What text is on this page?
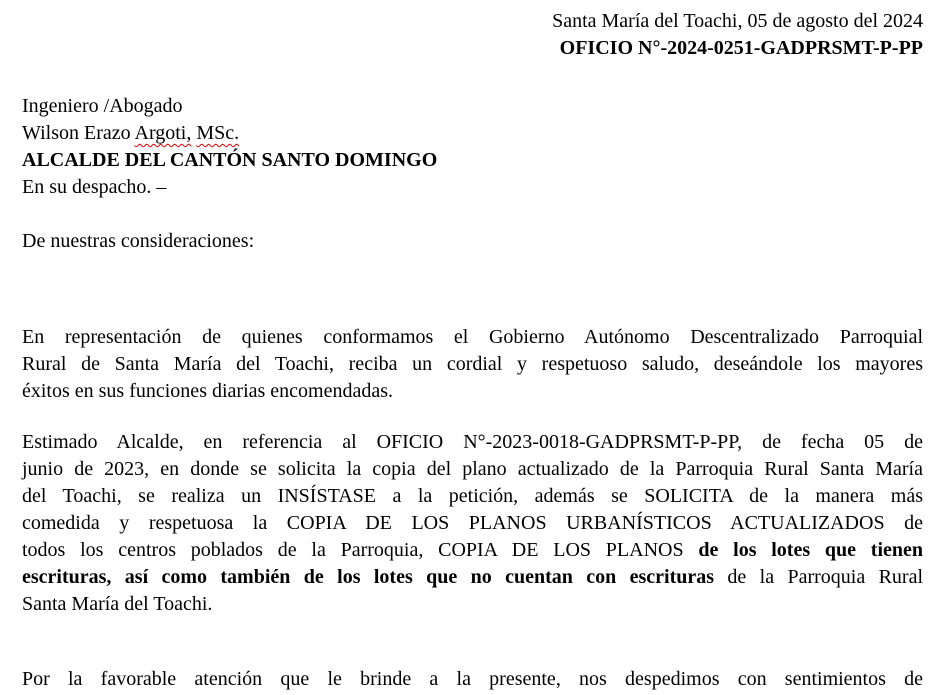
Santa María del Toachi, 05 de agosto del 2024
OFICIO N°-2024-0251-GADPRSMT-P-PP
Ingeniero /Abogado
Wilson Erazo Argoti, MSc.
ALCALDE DEL CANTÓN SANTO DOMINGO
En su despacho. –
De nuestras consideraciones:
En representación de quienes conformamos el Gobierno Autónomo Descentralizado Parroquial
Rural de Santa María del Toachi, reciba un cordial y respetuoso saludo, deseándole los mayores
éxitos en sus funciones diarias encomendadas.
Estimado Alcalde, en referencia al OFICIO N°-2023-0018-GADPRSMT-P-PP, de fecha 05 de
junio de 2023, en donde se solicita la copia del plano actualizado de la Parroquia Rural Santa María
del Toachi, se realiza un INSÍSTASE a la petición, además se SOLICITA de la manera más
comedida y respetuosa la COPIA DE LOS PLANOS URBANÍSTICOS ACTUALIZADOS de
todos los centros poblados de la Parroquia, COPIA DE LOS PLANOS de los lotes que tienen
escrituras, así como también de los lotes que no cuentan con escrituras de la Parroquia Rural
Santa María del Toachi.
Por la favorable atención que le brinde a la presente, nos despedimos con sentimientos de
